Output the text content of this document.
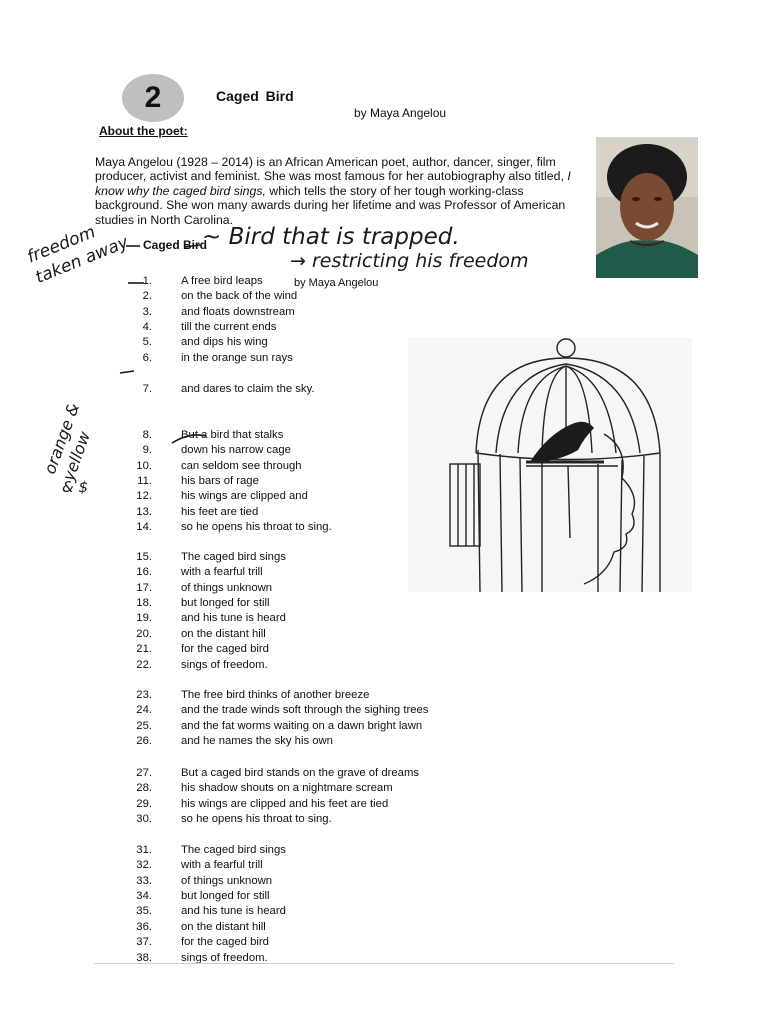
2	Caged Bird
by Maya Angelou
About the poet:
Maya Angelou (1928 – 2014) is an African American poet, author, dancer, singer, film producer, activist and feminist. She was most famous for her autobiography also titled, I know why the caged bird sings, which tells the story of her tough working-class background. She won many awards during her lifetime and was Professor of American studies in North Carolina.
Caged Bird
by Maya Angelou
1.	A free bird leaps
2.	on the back of the wind
3.	and floats downstream
4.	till the current ends
5.	and dips his wing
6.	in the orange sun rays
7.	and dares to claim the sky.
8.	But a bird that stalks
9.	down his narrow cage
10.	can seldom see through
11.	his bars of rage
12.	his wings are clipped and
13.	his feet are tied
14.	so he opens his throat to sing.
15.	The caged bird sings
16.	with a fearful trill
17.	of things unknown
18.	but longed for still
19.	and his tune is heard
20.	on the distant hill
21.	for the caged bird
22.	sings of freedom.
23.	The free bird thinks of another breeze
24.	and the trade winds soft through the sighing trees
25.	and the fat worms waiting on a dawn bright lawn
26.	and he names the sky his own
27.	But a caged bird stands on the grave of dreams
28.	his shadow shouts on a nightmare scream
29.	his wings are clipped and his feet are tied
30.	so he opens his throat to sing.
31.	The caged bird sings
32.	with a fearful trill
33.	of things unknown
34.	but longed for still
35.	and his tune is heard
36.	on the distant hill
37.	for the caged bird
38.	sings of freedom.
freedom taken away	~ Bird that is trapped.
→ restricting his freedom
orange & yellow
& $
